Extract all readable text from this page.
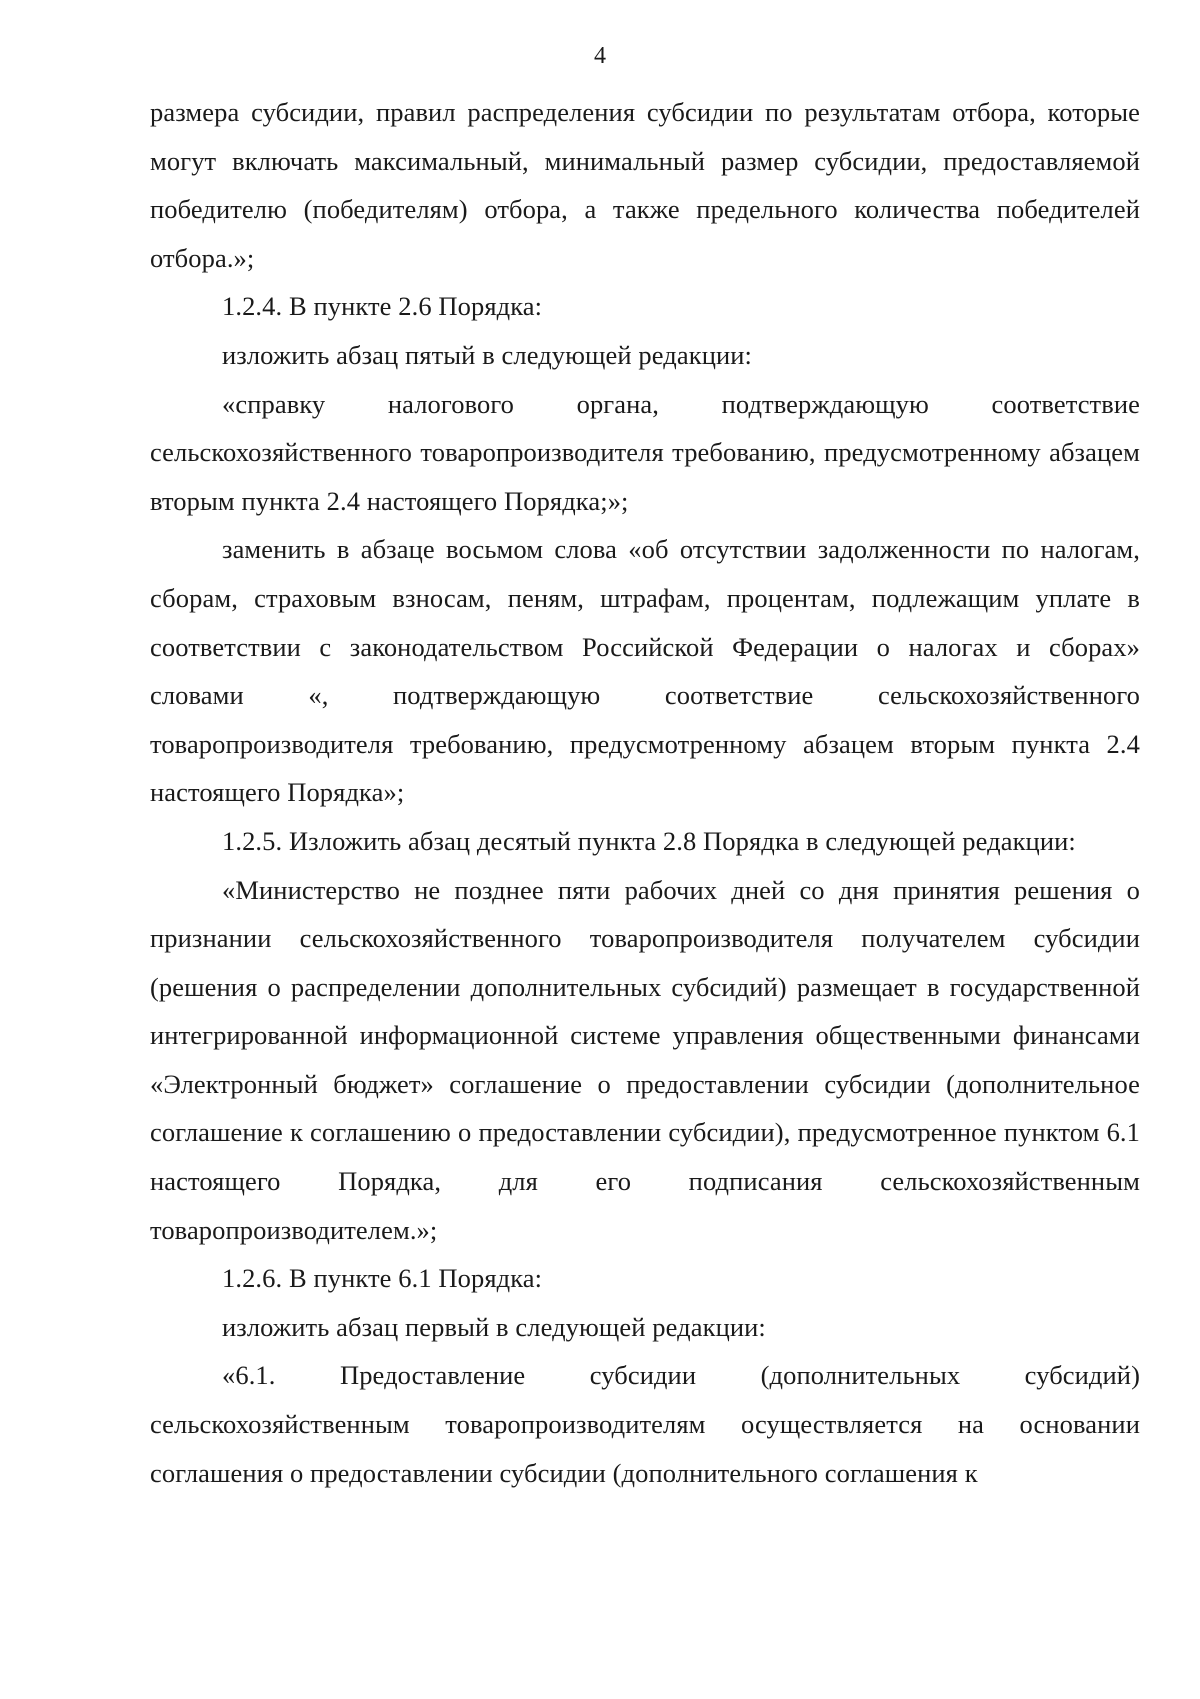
4

размера субсидии, правил распределения субсидии по результатам отбора, которые могут включать максимальный, минимальный размер субсидии, предоставляемой победителю (победителям) отбора, а также предельного количества победителей отбора.»;

1.2.4. В пункте 2.6 Порядка:

изложить абзац пятый в следующей редакции:

«справку налогового органа, подтверждающую соответствие сельскохозяйственного товаропроизводителя требованию, предусмотренному абзацем вторым пункта 2.4 настоящего Порядка;»;

заменить в абзаце восьмом слова «об отсутствии задолженности по налогам, сборам, страховым взносам, пеням, штрафам, процентам, подлежащим уплате в соответствии с законодательством Российской Федерации о налогах и сборах» словами «, подтверждающую соответствие сельскохозяйственного товаропроизводителя требованию, предусмотренному абзацем вторым пункта 2.4 настоящего Порядка»;

1.2.5. Изложить абзац десятый пункта 2.8 Порядка в следующей редакции:

«Министерство не позднее пяти рабочих дней со дня принятия решения о признании сельскохозяйственного товаропроизводителя получателем субсидии (решения о распределении дополнительных субсидий) размещает в государственной интегрированной информационной системе управления общественными финансами «Электронный бюджет» соглашение о предоставлении субсидии (дополнительное соглашение к соглашению о предоставлении субсидии), предусмотренное пунктом 6.1 настоящего Порядка, для его подписания сельскохозяйственным товаропроизводителем.»;

1.2.6. В пункте 6.1 Порядка:

изложить абзац первый в следующей редакции:

«6.1. Предоставление субсидии (дополнительных субсидий) сельскохозяйственным товаропроизводителям осуществляется на основании соглашения о предоставлении субсидии (дополнительного соглашения к
